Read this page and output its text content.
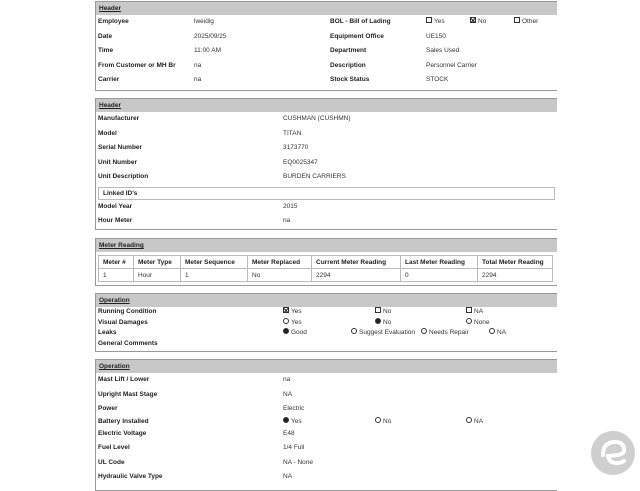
Header
Employee	lweidig	BOL - Bill of Lading	Yes	No	Other
Date	2025/09/25	Equipment Office	UE150
Time	11:00 AM	Department	Sales Used
From Customer or MH Br	na	Description	Personnel Carrier
Carrier	na	Stock Status	STOCK
Header
Manufacturer	CUSHMAN (CUSHMN)
Model	TITAN
Serial Number	3173770
Unit Number	EQ0025347
Unit Description	BURDEN CARRIERS
Linked ID's
Model Year	2015
Hour Meter	na
Meter Reading
Meter #	Meter Type	Meter Sequence	Meter Replaced	Current Meter Reading	Last Meter Reading	Total Meter Reading
1	Hour	1	No	2294	0	2294
Operation
Running Condition	Yes	No	NA
Visual Damages	Yes	No	None
Leaks	Good	Suggest Evaluation	Needs Repair	NA
General Comments
Operation
Mast Lift / Lower	na
Upright Mast Stage	NA
Power	Electric
Battery Installed	Yes	No	NA
Electric Voltage	E48
Fuel Level	1/4 Full
UL Code	NA - None
Hydraulic Valve Type	NA
